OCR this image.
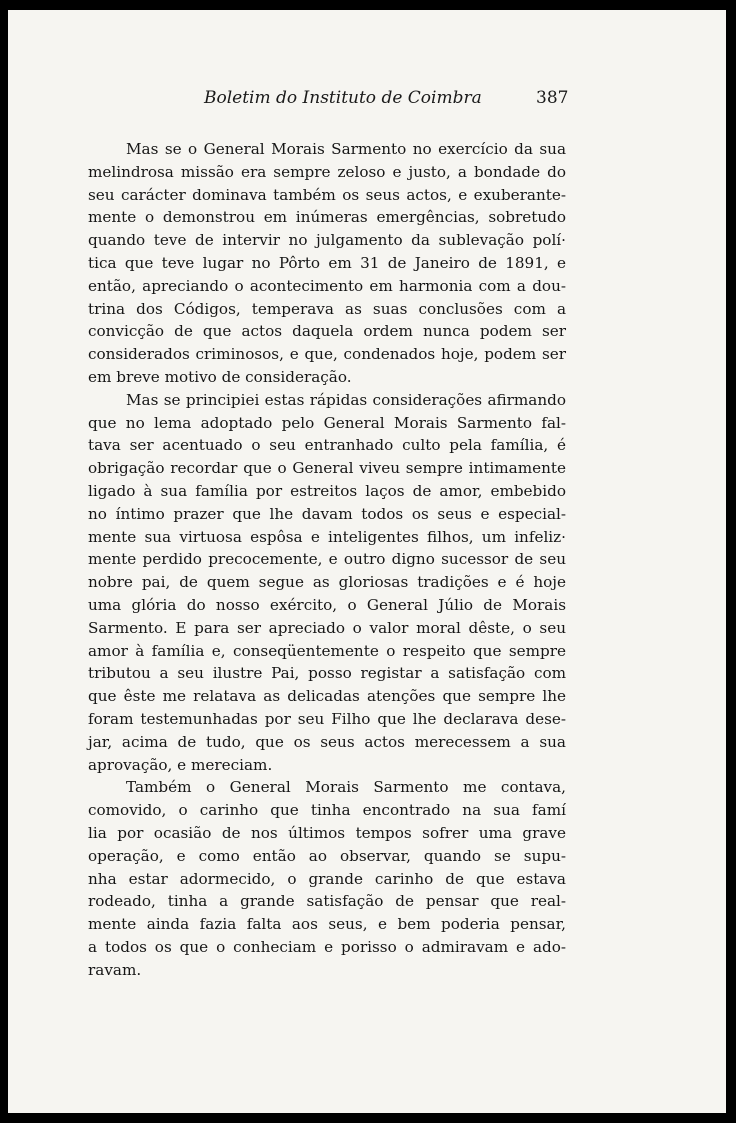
Boletim do Instituto de Coimbra	387
Mas se o General Morais Sarmento no exercício da sua
melindrosa missão era sempre zeloso e justo, a bondade do
seu carácter dominava também os seus actos, e exuberante-
mente o demonstrou em inúmeras emergências, sobretudo
quando teve de intervir no julgamento da sublevação polí·
tica que teve lugar no Pôrto em 31 de Janeiro de 1891, e
então, apreciando o acontecimento em harmonia com a dou-
trina dos Códigos, temperava as suas conclusões com a
convicção de que actos daquela ordem nunca podem ser
considerados criminosos, e que, condenados hoje, podem ser
em breve motivo de consideração.
Mas se principiei estas rápidas considerações afirmando
que no lema adoptado pelo General Morais Sarmento fal-
tava ser acentuado o seu entranhado culto pela família, é
obrigação recordar que o General viveu sempre intimamente
ligado à sua família por estreitos laços de amor, embebido
no íntimo prazer que lhe davam todos os seus e especial-
mente sua virtuosa espôsa e inteligentes filhos, um infeliz·
mente perdido precocemente, e outro digno sucessor de seu
nobre pai, de quem segue as gloriosas tradições e é hoje
uma glória do nosso exército, o General Júlio de Morais
Sarmento. E para ser apreciado o valor moral dêste, o seu
amor à família e, conseqüentemente o respeito que sempre
tributou a seu ilustre Pai, posso registar a satisfação com
que êste me relatava as delicadas atenções que sempre lhe
foram testemunhadas por seu Filho que lhe declarava dese-
jar, acima de tudo, que os seus actos merecessem a sua
aprovação, e mereciam.
Também o General Morais Sarmento me contava,
comovido, o carinho que tinha encontrado na sua famí
lia por ocasião de nos últimos tempos sofrer uma grave
operação, e como então ao observar, quando se supu-
nha estar adormecido, o grande carinho de que estava
rodeado, tinha a grande satisfação de pensar que real-
mente ainda fazia falta aos seus, e bem poderia pensar,
a todos os que o conheciam e porisso o admiravam e ado-
ravam.
